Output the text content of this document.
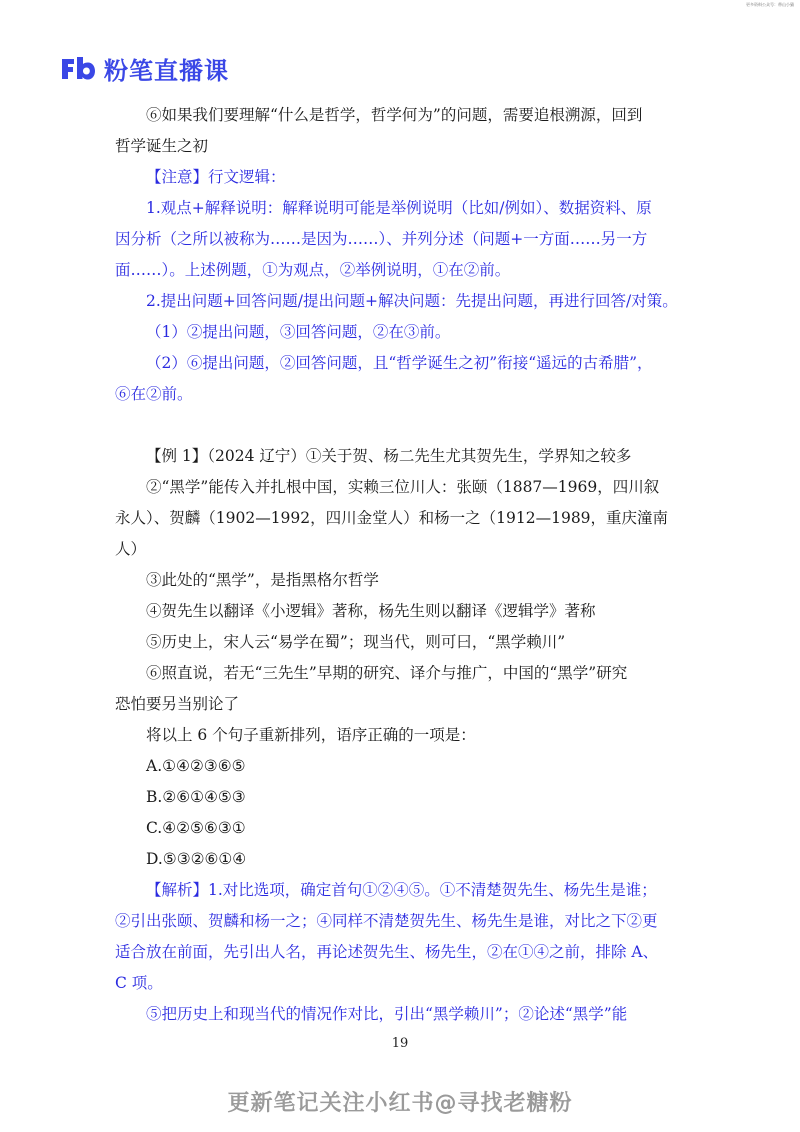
更多资料公众号：带山小猫
粉笔直播课
⑥如果我们要理解“什么是哲学，哲学何为”的问题，需要追根溯源，回到
哲学诞生之初
【注意】行文逻辑：
1.观点+解释说明：解释说明可能是举例说明（比如/例如）、数据资料、原
因分析（之所以被称为……是因为……）、并列分述（问题+一方面……另一方
面……）。上述例题，①为观点，②举例说明，①在②前。
2.提出问题+回答问题/提出问题+解决问题：先提出问题，再进行回答/对策。
（1）②提出问题，③回答问题，②在③前。
（2）⑥提出问题，②回答问题，且“哲学诞生之初”衔接“遥远的古希腊”，
⑥在②前。
【例 1】（2024 辽宁）①关于贺、杨二先生尤其贺先生，学界知之较多
②“黑学”能传入并扎根中国，实赖三位川人：张颐（1887—1969，四川叙
永人）、贺麟（1902—1992，四川金堂人）和杨一之（1912—1989，重庆潼南人）
③此处的“黑学”，是指黑格尔哲学
④贺先生以翻译《小逻辑》著称，杨先生则以翻译《逻辑学》著称
⑤历史上，宋人云“易学在蜀”；现当代，则可曰，“黑学赖川”
⑥照直说，若无“三先生”早期的研究、译介与推广，中国的“黑学”研究
恐怕要另当别论了
将以上 6 个句子重新排列，语序正确的一项是：
A.①④②③⑥⑤
B.②⑥①④⑤③
C.④②⑤⑥③①
D.⑤③②⑥①④
【解析】1.对比选项，确定首句①②④⑤。①不清楚贺先生、杨先生是谁；
②引出张颐、贺麟和杨一之；④同样不清楚贺先生、杨先生是谁，对比之下②更
适合放在前面，先引出人名，再论述贺先生、杨先生，②在①④之前，排除 A、
C 项。
⑤把历史上和现当代的情况作对比，引出“黑学赖川”；②论述“黑学”能
19
更新笔记关注小红书@寻找老糖粉
